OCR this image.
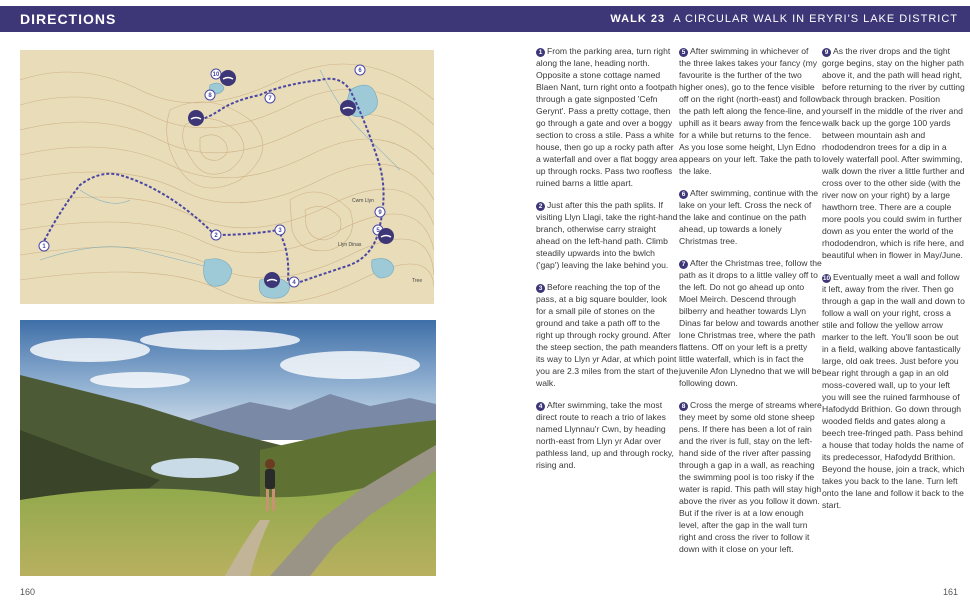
DIRECTIONS	WALK 23 A CIRCULAR WALK IN ERYRI'S LAKE DISTRICT
1
2
3
4
5
6
7
8
9
10
Cwm Llyn
Llyn Dinas
Tree

1 From the parking area, turn right along the lane, heading north. Opposite a stone cottage named Blaen Nant, turn right onto a footpath through a gate signposted 'Cefn Gerynt'. Pass a pretty cottage, then go through a gate and over a boggy section to cross a stile. Pass a white house, then go up a rocky path after a waterfall and over a flat boggy area up through rocks. Pass two roofless ruined barns a little apart.

2 Just after this the path splits. If visiting Llyn Llagi, take the right-hand branch, otherwise carry straight ahead on the left-hand path. Climb steadily upwards into the bwlch ('gap') leaving the lake behind you.

3 Before reaching the top of the pass, at a big square boulder, look for a small pile of stones on the ground and take a path off to the right up through rocky ground. After the steep section, the path meanders its way to Llyn yr Adar, at which point you are 2.3 miles from the start of the walk.

4 After swimming, take the most direct route to reach a trio of lakes named Llynnau'r Cwn, by heading north-east from Llyn yr Adar over pathless land, up and through rocky, rising and.

5 After swimming in whichever of the three lakes takes your fancy (my favourite is the further of the two higher ones), go to the fence visible off on the right (north-east) and follow the path left along the fence-line, and uphill as it bears away from the fence for a while but returns to the fence. As you lose some height, Llyn Edno appears on your left. Take the path to the lake.

6 After swimming, continue with the lake on your left. Cross the neck of the lake and continue on the path ahead, up towards a lonely Christmas tree.

7 After the Christmas tree, follow the path as it drops to a little valley off to the left. Do not go ahead up onto Moel Meirch. Descend through bilberry and heather towards Llyn Dinas far below and towards another lone Christmas tree, where the path flattens. Off on your left is a pretty little waterfall, which is in fact the juvenile Afon Llynedno that we will be following down.

8 Cross the merge of streams where they meet by some old stone sheep pens. If there has been a lot of rain and the river is full, stay on the left-hand side of the river after passing through a gap in a wall, as reaching the swimming pool is too risky if the water is rapid. This path will stay high above the river as you follow it down. But if the river is at a low enough level, after the gap in the wall turn right and cross the river to follow it down with it close on your left.

9 As the river drops and the tight gorge begins, stay on the higher path above it, and the path will head right, before returning to the river by cutting back through bracken. Position yourself in the middle of the river and walk back up the gorge 100 yards between mountain ash and rhododendron trees for a dip in a lovely waterfall pool. After swimming, walk down the river a little further and cross over to the other side (with the river now on your right) by a large hawthorn tree. There are a couple more pools you could swim in further down as you enter the world of the rhododendron, which is rife here, and beautiful when in flower in May/June.

10 Eventually meet a wall and follow it left, away from the river. Then go through a gap in the wall and down to follow a wall on your right, cross a stile and follow the yellow arrow marker to the left. You'll soon be out in a field, walking above fantastically large, old oak trees. Just before you bear right through a gap in an old moss-covered wall, up to your left you will see the ruined farmhouse of Hafodydd Brithion. Go down through wooded fields and gates along a beech tree-fringed path. Pass behind a house that today holds the name of its predecessor, Hafodydd Brithion. Beyond the house, join a track, which takes you back to the lane. Turn left onto the lane and follow it back to the start.

160	161
